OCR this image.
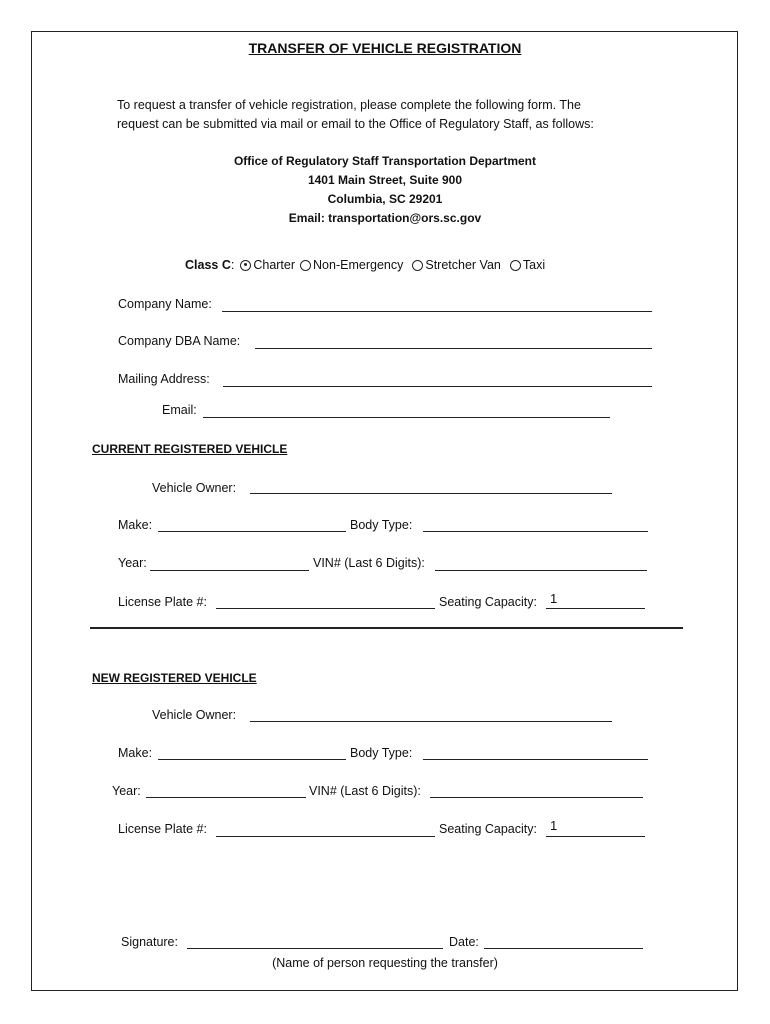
TRANSFER OF VEHICLE REGISTRATION
To request a transfer of vehicle registration, please complete the following form. The
request can be submitted via mail or email to the Office of Regulatory Staff, as follows:
Office of Regulatory Staff Transportation Department
1401 Main Street, Suite 900
Columbia, SC 29201
Email: transportation@ors.sc.gov
Class C : Charter Non-Emergency Stretcher Van Taxi
Company Name:
Company DBA Name:
Mailing Address:
Email:
CURRENT REGISTERED VEHICLE
Vehicle Owner:
Make:	Body Type:
Year:	VIN# (Last 6 Digits):
License Plate #:	Seating Capacity: 1
NEW REGISTERED VEHICLE
Vehicle Owner:
Make:	Body Type:
Year:	VIN# (Last 6 Digits):
License Plate #:	Seating Capacity: 1
Signature:	Date:
(Name of person requesting the transfer)
